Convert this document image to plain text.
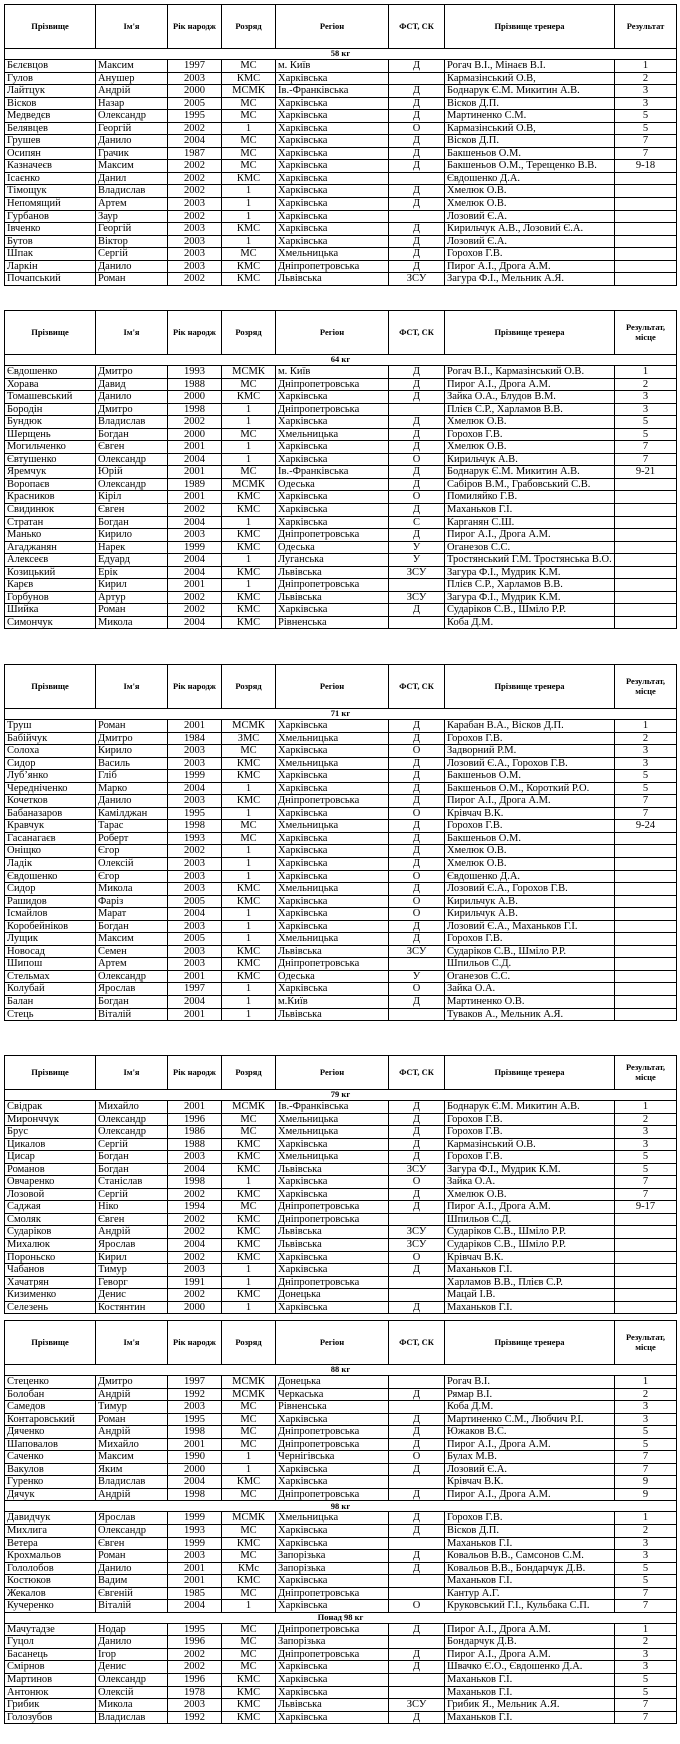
Прізвище	Ім'я	Рік народж	Розряд	Регіон	ФСТ, СК	Прізвище тренера	Результат
58 кг							
Бєлєвцов	Максим	1997	МС	м. Київ	Д	Рогач В.І., Мінаєв В.І.	1
Гулов	Анушер	2003	КМС	Харківська		Кармазінський О.В,	2
Лайтцук	Андрій	2000	МСМК	Ів.-Франківська	Д	Боднарук Є.М. Микитин А.В.	3
Вісков	Назар	2005	МС	Харківська	Д	Вісков Д.П.	3
Медведєв	Олександр	1995	МС	Харківська	Д	Мартиненко С.М.	5
Белявцев	Георгій	2002	1	Харківська	О	Кармазінський О.В,	5
Грушев	Данило	2004	МС	Харківська	Д	Вісков Д.П.	7
Осипян	Грачик	1987	МС	Харківська	Д	Бакшеньов О.М.	7
Казначеєв	Максим	2002	МС	Харківська	Д	Бакшеньов О.М., Терещенко В.В.	9-18
Ісаєнко	Данил	2002	КМС	Харківська		Євдошенко Д.А.	
Тімощук	Владислав	2002	1	Харківська	Д	Хмелюк О.В.	
Непомящий	Артем	2003	1	Харківська	Д	Хмелюк О.В.	
Гурбанов	Заур	2002	1	Харківська		Лозовий Є.А.	
Івченко	Георгій	2003	КМС	Харківська	Д	Кирильчук А.В., Лозовий Є.А.	
Бутов	Віктор	2003	1	Харківська	Д	Лозовий Є.А.	
Шпак	Сергій	2003	МС	Хмельницька	Д	Горохов Г.В.	
Ларкін	Данило	2003	КМС	Дніпропетровська	Д	Пирог А.І., Дрога А.М.	
Почапський	Роман	2002	КМС	Львівська	ЗСУ	Загура Ф.І., Мельник А.Я.	
Прізвище	Ім'я	Рік народж	Розряд	Регіон	ФСТ, СК	Прізвище тренера	Результат, місце
64 кг							
Євдошенко	Дмитро	1993	МСМК	м. Київ	Д	Рогач В.І., Кармазінський О.В.	1
Хорава	Давид	1988	МС	Дніпропетровська	Д	Пирог А.І., Дрога А.М.	2
Томашевський	Данило	2000	КМС	Харківська	Д	Зайка О.А., Блудов В.М.	3
Бородін	Дмитро	1998	1	Дніпропетровська		Плієв С.Р., Харламов В.В.	3
Бундюк	Владислав	2002	1	Харківська	Д	Хмелюк О.В.	5
Шерщень	Богдан	2000	МС	Хмельницька	Д	Горохов Г.В.	5
Могильченко	Євген	2001	1	Харківська	Д	Хмелюк О.В.	7
Євтушенко	Олександр	2004	1	Харківська	О	Кирильчук А.В.	7
Яремчук	Юрій	2001	МС	Ів.-Франківська	Д	Боднарук Є.М. Микитин А.В.	9-21
Воропаєв	Олександр	1989	МСМК	Одеська	Д	Сабіров В.М., Грабовський С.В.	
Красников	Кіріл	2001	КМС	Харківська	О	Помиляйко Г.В.	
Свидинюк	Євген	2002	КМС	Харківська	Д	Маханьков Г.І.	
Стратан	Богдан	2004	1	Харківська	С	Карганян С.Ш.	
Манько	Кирило	2003	КМС	Дніпропетровська	Д	Пирог А.І., Дрога А.М.	
Агаджанян	Нарек	1999	КМС	Одеська	У	Оганезов С.С.	
Алексеєв	Едуард	2004	1	Луганська	У	Тростянський Г.М. Тростянська В.О.	
Козицький	Ерік	2004	КМС	Львівська	ЗСУ	Загура Ф.І., Мудрик К.М.	
Карєв	Кирил	2001	1	Дніпропетровська		Плієв С.Р., Харламов В.В.	
Горбунов	Артур	2002	КМС	Львівська	ЗСУ	Загура Ф.І., Мудрик К.М.	
Шийка	Роман	2002	КМС	Харківська	Д	Сударіков С.В., Шміло Р.Р.	
Симончук	Микола	2004	КМС	Рівненська		Коба Д.М.	
Прізвище	Ім'я	Рік народж	Розряд	Регіон	ФСТ, СК	Прізвище тренера	Результат, місце
71 кг							
Труш	Роман	2001	МСМК	Харківська	Д	Карабан В.А., Вісков Д.П.	1
Бабійчук	Дмитро	1984	ЗМС	Хмельницька	Д	Горохов Г.В.	2
Солоха	Кирило	2003	МС	Харківська	О	Задворний Р.М.	3
Сидор	Василь	2003	КМС	Хмельницька	Д	Лозовий Є.А., Горохов Г.В.	3
Лубʼянко	Гліб	1999	КМС	Харківська	Д	Бакшеньов О.М.	5
Чередніченко	Марко	2004	1	Харківська	Д	Бакшеньов О.М., Короткий Р.О.	5
Кочетков	Данило	2003	КМС	Дніпропетровська	Д	Пирог А.І., Дрога А.М.	7
Бабаназаров	Камілджан	1995	1	Харківська	О	Крівчач В.К.	7
Кравчук	Тарас	1998	МС	Хмельницька	Д	Горохов Г.В.	9-24
Гасанагаєв	Роберт	1993	МС	Харківська	Д	Бакшеньов О.М.	
Оніщко	Єгор	2002	1	Харківська	Д	Хмелюк О.В.	
Ладік	Олексій	2003	1	Харківська	Д	Хмелюк О.В.	
Євдошенко	Єгор	2003	1	Харківська	О	Євдошенко Д.А.	
Сидор	Микола	2003	КМС	Хмельницька	Д	Лозовий Є.А., Горохов Г.В.	
Рашидов	Фаріз	2005	КМС	Харківська	О	Кирильчук А.В.	
Ісмайлов	Марат	2004	1	Харківська	О	Кирильчук А.В.	
Коробейніков	Богдан	2003	1	Харківська	Д	Лозовий Є.А., Маханьков Г.І.	
Лущик	Максим	2005	1	Хмельницька	Д	Горохов Г.В.	
Новосад	Семен	2003	КМС	Львівська	ЗСУ	Сударіков С.В., Шміло Р.Р.	
Шипош	Артем	2003	КМС	Дніпропетровська		Шпильов С.Д.	
Стельмах	Олександр	2001	КМС	Одеська	У	Оганезов С.С.	
Колубай	Ярослав	1997	1	Харківська	О	Зайка О.А.	
Балан	Богдан	2004	1	м.Київ	Д	Мартиненко О.В.	
Стець	Віталій	2001	1	Львівська		Туваков А., Мельник А.Я.	
Прізвище	Ім'я	Рік народж	Розряд	Регіон	ФСТ, СК	Прізвище тренера	Результат, місце
79 кг							
Свідрак	Михайло	2001	МСМК	Ів.-Франківська	Д	Боднарук Є.М. Микитин А.В.	1
Миронччук	Олександр	1996	МС	Хмельницька	Д	Горохов Г.В.	2
Брус	Олександр	1986	МС	Хмельницька	Д	Горохов Г.В.	3
Цикалов	Сергій	1988	КМС	Харківська	Д	Кармазінський О.В.	3
Цисар	Богдан	2003	КМС	Хмельницька	Д	Горохов Г.В.	5
Романов	Богдан	2004	КМС	Львівська	ЗСУ	Загура Ф.І., Мудрик К.М.	5
Овчаренко	Станіслав	1998	1	Харківська	О	Зайка О.А.	7
Лозовой	Сергій	2002	КМС	Харківська	Д	Хмелюк О.В.	7
Саджая	Ніко	1994	МС	Дніпропетровська	Д	Пирог А.І., Дрога А.М.	9-17
Смоляк	Євген	2002	КМС	Дніпропетровська		Шпильов С.Д.	
Сударіков	Андрій	2002	КМС	Львівська	ЗСУ	Сударіков С.В., Шміло Р.Р.	
Михалюк	Ярослав	2004	КМС	Львівська	ЗСУ	Сударіков С.В., Шміло Р.Р.	
Пороньско	Кирил	2002	КМС	Харківська	О	Крівчач В.К.	
Чабанов	Тимур	2003	1	Харківська	Д	Маханьков Г.І.	
Хачатрян	Геворг	1991	1	Дніпропетровська		Харламов В.В., Плієв С.Р.	
Кизименко	Денис	2002	КМС	Донецька		Мацай І.В.	
Селезень	Костянтин	2000	1	Харківська	Д	Маханьков Г.І.	
Прізвище	Ім'я	Рік народж	Розряд	Регіон	ФСТ, СК	Прізвище тренера	Результат, місце
88 кг							
Стеценко	Дмитро	1997	МСМК	Донецька		Рогач В.І.	1
Болобан	Андрій	1992	МСМК	Черкаська	Д	Рямар В.І.	2
Самедов	Тимур	2003	МС	Рівненська		Коба Д.М.	3
Контаровський	Роман	1995	МС	Харківська	Д	Мартиненко С.М., Любчич Р.І.	3
Дяченко	Андрій	1998	МС	Дніпропетровська	Д	Южаков В.С.	5
Шаповалов	Михайло	2001	МС	Дніпропетровська	Д	Пирог А.І., Дрога А.М.	5
Саченко	Максим	1990	1	Чернігівська	О	Булах М.В.	7
Вакулов	Яким	2000	1	Харківська	Д	Лозовий Є.А.	7
Гуренко	Владислав	2004	КМС	Харківська		Крівчач В.К.	9
Дячук	Андрій	1998	МС	Дніпропетровська	Д	Пирог А.І., Дрога А.М.	9
98 кг							
Давидчук	Ярослав	1999	МСМК	Хмельницька	Д	Горохов Г.В.	1
Михлига	Олександр	1993	МС	Харківська	Д	Вісков Д.П.	2
Ветера	Євген	1999	КМС	Харківська		Маханьков Г.І.	3
Крохмальов	Роман	2003	МС	Запорізька	Д	Ковальов В.В., Самсонов С.М.	3
Гололобов	Данило	2001	КМс	Запорізька	Д	Ковальов В.В., Бондарчук Д.В.	5
Костюков	Вадим	2001	КМС	Харківська		Маханьков Г.І.	5
Жекалов	Євгеній	1985	МС	Дніпропетровська		Кантур А.Г.	7
Кучеренко	Віталій	2004	1	Харківська	О	Круковський Г.І., Кульбака С.П.	7
Понад 98 кг							
Мачутадзе	Нодар	1995	МС	Дніпропетровська	Д	Пирог А.І., Дрога А.М.	1
Гуцол	Данило	1996	МС	Запорізька		Бондарчук Д.В.	2
Басанець	Ігор	2002	МС	Дніпропетровська	Д	Пирог А.І., Дрога А.М.	3
Смірнов	Денис	2002	МС	Харківська	Д	Швачко Є.О., Євдошенко Д.А.	3
Мартинов	Олександр	1996	КМС	Харківська		Маханьков Г.І.	5
Антонюк	Олексій	1978	КМС	Харківська		Маханьков Г.І.	5
Грибик	Микола	2003	КМС	Львівська	ЗСУ	Грибик Я., Мельник А.Я.	7
Голозубов	Владислав	1992	КМС	Харківська	Д	Маханьков Г.І.	7
